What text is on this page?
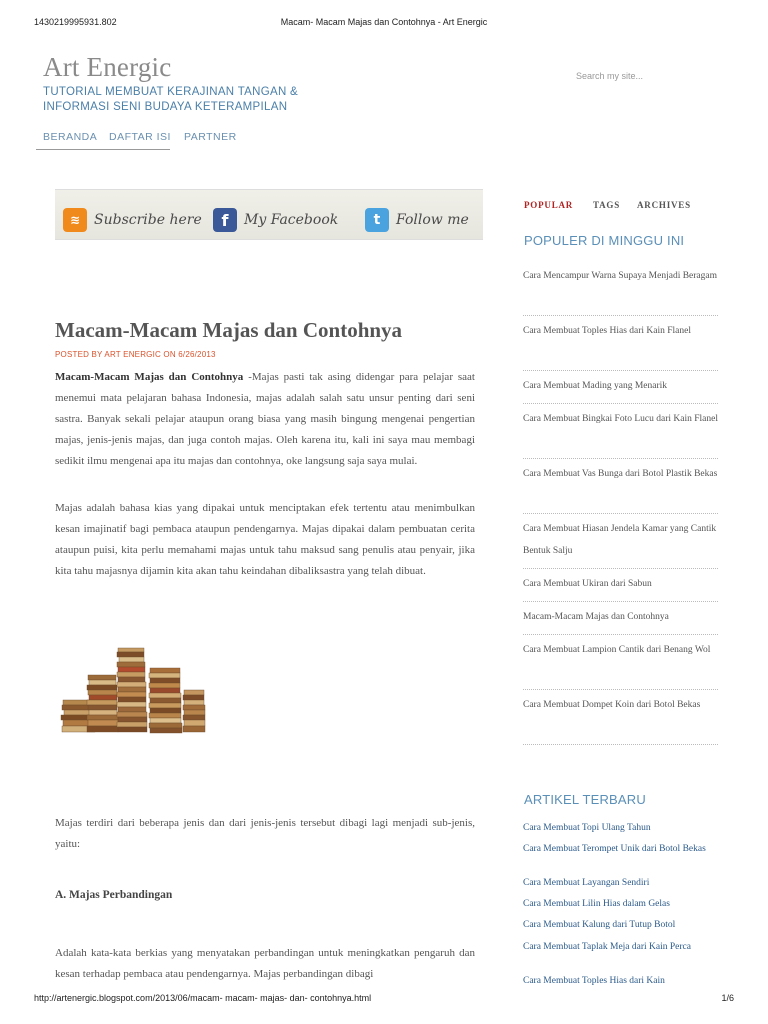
1430219995931.802	Macam- Macam Majas dan Contohnya - Art Energic
http://artenergic.blogspot.com/2013/06/macam- macam- majas- dan- contohnya.html	1/6
Art Energic
TUTORIAL MEMBUAT KERAJINAN TANGAN & INFORMASI SENI BUDAYA KETERAMPILAN
Search my site...
BERANDA DAFTAR ISI PARTNER
≋ Subscribe here	f	My Facebook	t	Follow me
Macam-Macam Majas dan Contohnya
POSTED BY ART ENERGIC ON 6/26/2013

Macam-Macam Majas dan Contohnya -Majas pasti tak asing didengar para pelajar saat menemui mata pelajaran bahasa Indonesia, majas adalah salah satu unsur penting dari seni sastra. Banyak sekali pelajar ataupun orang biasa yang masih bingung mengenai pengertian majas, jenis-jenis majas, dan juga contoh majas. Oleh karena itu, kali ini saya mau membagi sedikit ilmu mengenai apa itu majas dan contohnya, oke langsung saja saya mulai.

Majas adalah bahasa kias yang dipakai untuk menciptakan efek tertentu atau menimbulkan kesan imajinatif bagi pembaca ataupun pendengarnya. Majas dipakai dalam pembuatan cerita ataupun puisi, kita perlu memahami majas untuk tahu maksud sang penulis atau penyair, jika kita tahu majasnya dijamin kita akan tahu keindahan dibaliksastra yang telah dibuat.

Majas terdiri dari beberapa jenis dan dari jenis-jenis tersebut dibagi lagi menjadi sub-jenis, yaitu:

A. Majas Perbandingan

Adalah kata-kata berkias yang menyatakan perbandingan untuk meningkatkan pengaruh dan kesan terhadap pembaca atau pendengarnya. Majas perbandingan dibagi

POPULAR TAGS ARCHIVES
POPULER DI MINGGU INI
Cara Mencampur Warna Supaya Menjadi Beragam
Cara Membuat Toples Hias dari Kain Flanel
Cara Membuat Mading yang Menarik
Cara Membuat Bingkai Foto Lucu dari Kain Flanel
Cara Membuat Vas Bunga dari Botol Plastik Bekas
Cara Membuat Hiasan Jendela Kamar yang Cantik Bentuk Salju
Cara Membuat Ukiran dari Sabun
Macam-Macam Majas dan Contohnya
Cara Membuat Lampion Cantik dari Benang Wol
Cara Membuat Dompet Koin dari Botol Bekas
ARTIKEL TERBARU
Cara Membuat Topi Ulang Tahun
Cara Membuat Terompet Unik dari Botol Bekas
Cara Membuat Layangan Sendiri
Cara Membuat Lilin Hias dalam Gelas
Cara Membuat Kalung dari Tutup Botol
Cara Membuat Taplak Meja dari Kain Perca
Cara Membuat Toples Hias dari Kain
